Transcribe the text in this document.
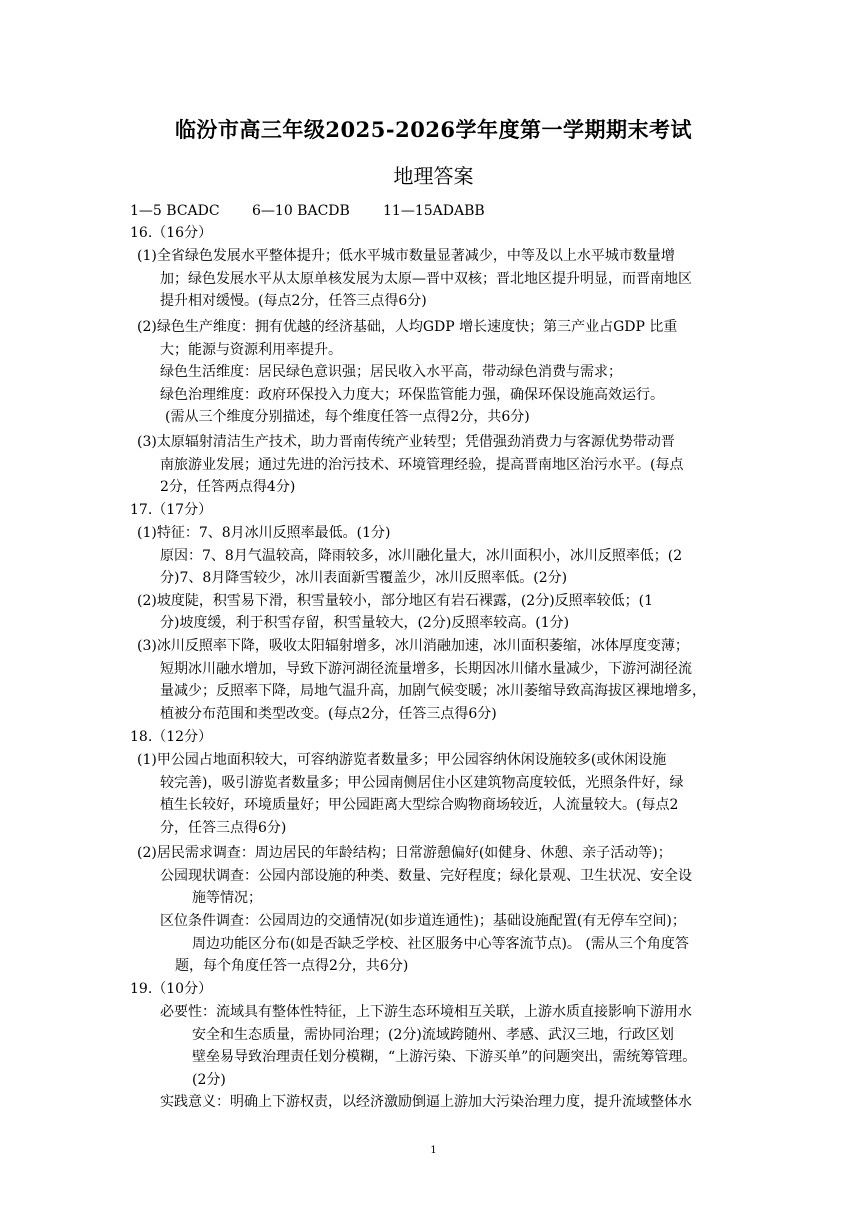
临汾市高三年级2025-2026学年度第一学期期末考试
地理答案
1—5 BCADC 6—10 BACDB 11—15ADABB
16.（16分）
(1)全省绿色发展水平整体提升；低水平城市数量显著减少，中等及以上水平城市数量增
加；绿色发展水平从太原单核发展为太原—晋中双核；晋北地区提升明显，而晋南地区
提升相对缓慢。(每点2分，任答三点得6分)
(2)绿色生产维度：拥有优越的经济基础，人均GDP 增长速度快；第三产业占GDP 比重
大；能源与资源利用率提升。
绿色生活维度：居民绿色意识强；居民收入水平高，带动绿色消费与需求；
绿色治理维度：政府环保投入力度大；环保监管能力强，确保环保设施高效运行。
(需从三个维度分别描述，每个维度任答一点得2分，共6分)
(3)太原辐射清洁生产技术，助力晋南传统产业转型；凭借强劲消费力与客源优势带动晋
南旅游业发展；通过先进的治污技术、环境管理经验，提高晋南地区治污水平。(每点
2分，任答两点得4分)
17.（17分）
(1)特征：7、8月冰川反照率最低。(1分)
原因：7、8月气温较高，降雨较多，冰川融化量大，冰川面积小，冰川反照率低；(2
分)7、8月降雪较少，冰川表面新雪覆盖少，冰川反照率低。(2分)
(2)坡度陡，积雪易下滑，积雪量较小，部分地区有岩石裸露，(2分)反照率较低；(1
分)坡度缓，利于积雪存留，积雪量较大，(2分)反照率较高。(1分)
(3)冰川反照率下降，吸收太阳辐射增多，冰川消融加速，冰川面积萎缩，冰体厚度变薄；
短期冰川融水增加，导致下游河湖径流量增多，长期因冰川储水量减少，下游河湖径流
量减少；反照率下降，局地气温升高，加剧气候变暖；冰川萎缩导致高海拔区裸地增多，
植被分布范围和类型改变。(每点2分，任答三点得6分)
18.（12分）
(1)甲公园占地面积较大，可容纳游览者数量多；甲公园容纳休闲设施较多(或休闲设施
较完善)，吸引游览者数量多；甲公园南侧居住小区建筑物高度较低，光照条件好，绿
植生长较好，环境质量好；甲公园距离大型综合购物商场较近，人流量较大。(每点2
分，任答三点得6分)
(2)居民需求调查：周边居民的年龄结构；日常游憩偏好(如健身、休憩、亲子活动等)；
公园现状调查：公园内部设施的种类、数量、完好程度；绿化景观、卫生状况、安全设
施等情况；
区位条件调查：公园周边的交通情况(如步道连通性)；基础设施配置(有无停车空间)；
周边功能区分布(如是否缺乏学校、社区服务中心等客流节点)。 (需从三个角度答
题，每个角度任答一点得2分，共6分)
19.（10分）
必要性：流域具有整体性特征，上下游生态环境相互关联，上游水质直接影响下游用水
安全和生态质量，需协同治理；(2分)流域跨随州、孝感、武汉三地，行政区划
壁垒易导致治理责任划分模糊，“上游污染、下游买单”的问题突出，需统筹管理。
(2分)
实践意义：明确上下游权责，以经济激励倒逼上游加大污染治理力度，提升流域整体水
1
